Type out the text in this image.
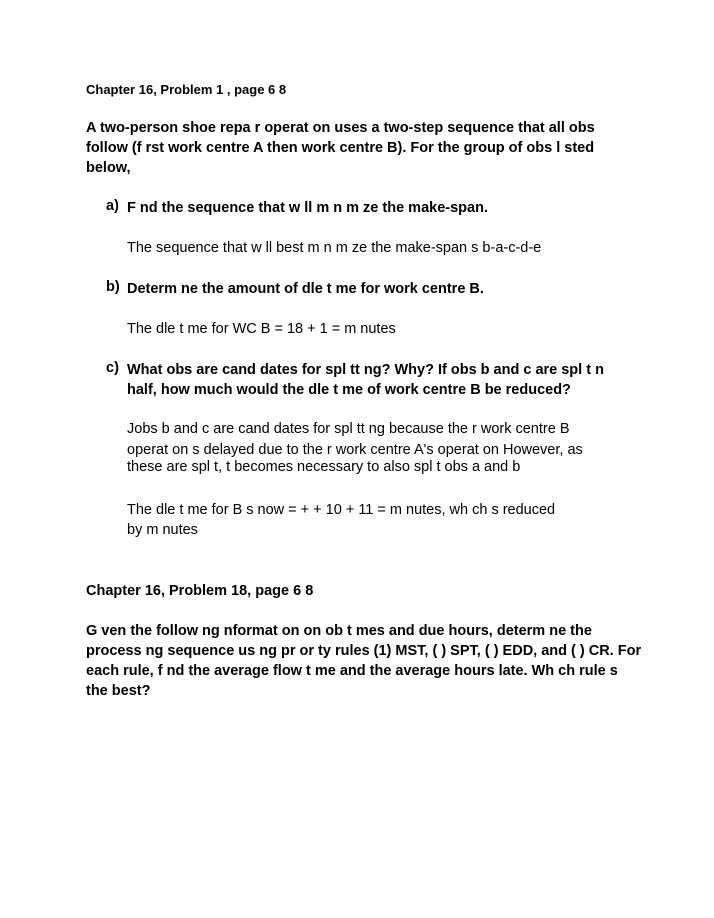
Chapter 16, Problem 1 , page 6 8
A two-person shoe repa r operat on uses a two-step sequence that all obs
follow (f rst work centre A then work centre B). For the group of obs l sted
below,
a) F nd the sequence that w ll m n m ze the make-span.
The sequence that w ll best m n m ze the make-span s b-a-c-d-e
b) Determ ne the amount of dle t me for work centre B.
The dle t me for WC B = 18 + 1 = m nutes
c) What obs are cand dates for spl tt ng? Why? If obs b and c are spl t n
half, how much would the dle t me of work centre B be reduced?
Jobs b and c are cand dates for spl tt ng because the r work centre B
operat on s delayed due to the r work centre A's operat on However, as
these are spl t, t becomes necessary to also spl t obs a and b
The dle t me for B s now = + + 10 + 11 = m nutes, wh ch s reduced
by m nutes
Chapter 16, Problem 18, page 6 8
G ven the follow ng nformat on on ob t mes and due hours, determ ne the
process ng sequence us ng pr or ty rules (1) MST, ( ) SPT, ( ) EDD, and ( ) CR. For
each rule, f nd the average flow t me and the average hours late. Wh ch rule s
the best?
